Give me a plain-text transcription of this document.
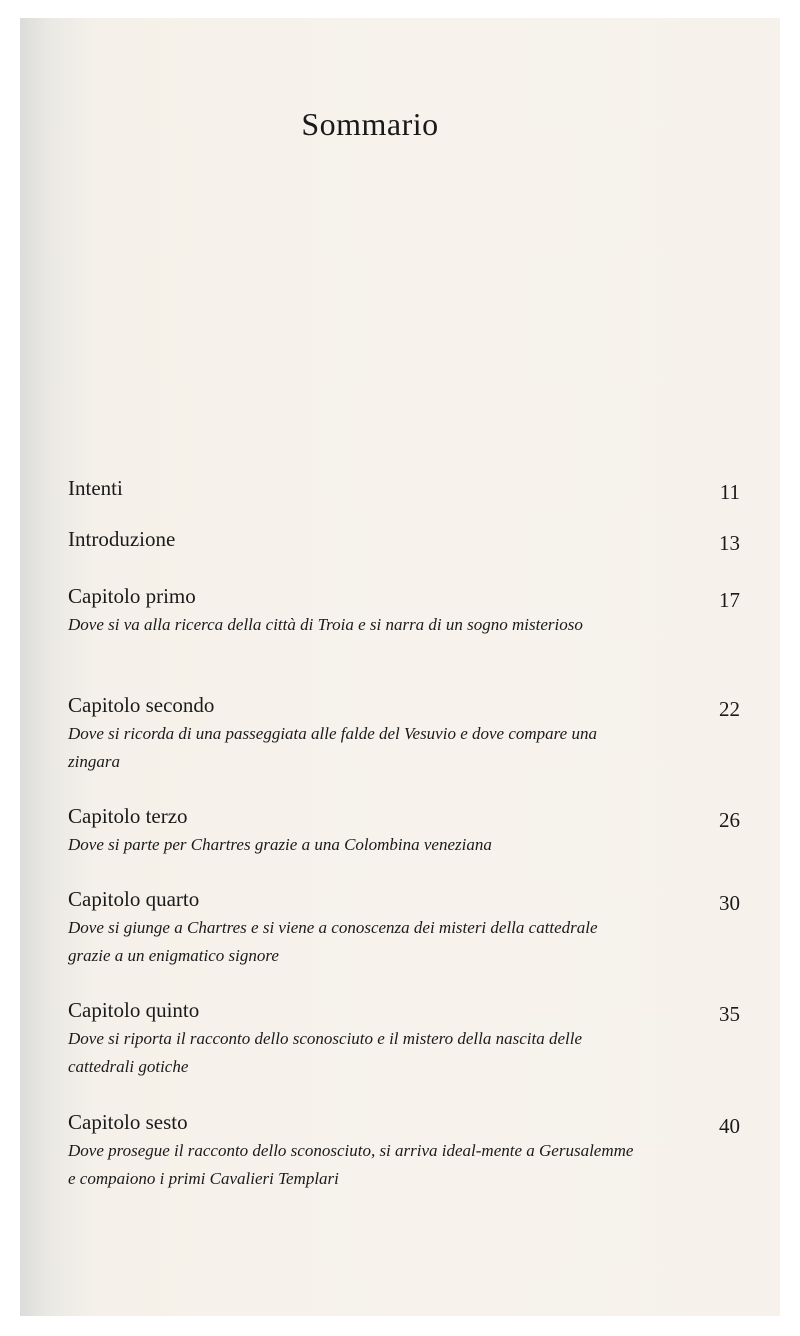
Sommario
Intenti	11
Introduzione	13
Capitolo primo	17
Dove si va alla ricerca della città di Troia e si narra di un sogno misterioso
Capitolo secondo	22
Dove si ricorda di una passeggiata alle falde del Vesuvio e dove compare una zingara
Capitolo terzo	26
Dove si parte per Chartres grazie a una Colombina veneziana
Capitolo quarto	30
Dove si giunge a Chartres e si viene a conoscenza dei misteri della cattedrale grazie a un enigmatico signore
Capitolo quinto	35
Dove si riporta il racconto dello sconosciuto e il mistero della nascita delle cattedrali gotiche
Capitolo sesto	40
Dove prosegue il racconto dello sconosciuto, si arriva ideal-mente a Gerusalemme e compaiono i primi Cavalieri Templari
